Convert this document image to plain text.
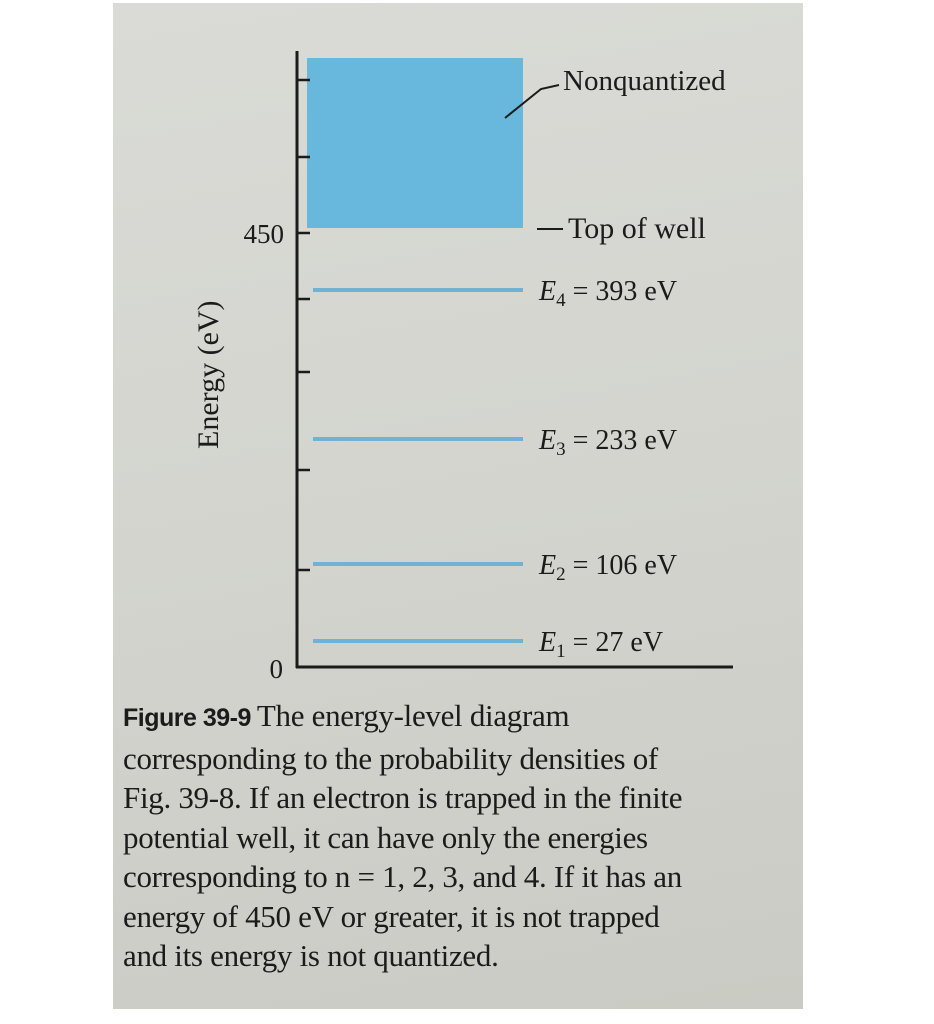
Nonquantized
Top of well
450
0
Energy (eV)
$E_4 = 393$ eV
$E_3 = 233$ eV
$E_2 = 106$ eV
$E_1 = 27$ eV
Figure 39-9 The energy-level diagram
corresponding to the probability densities of
Fig. 39-8. If an electron is trapped in the finite
potential well, it can have only the energies
corresponding to n = 1, 2, 3, and 4. If it has an
energy of 450 eV or greater, it is not trapped
and its energy is not quantized.
